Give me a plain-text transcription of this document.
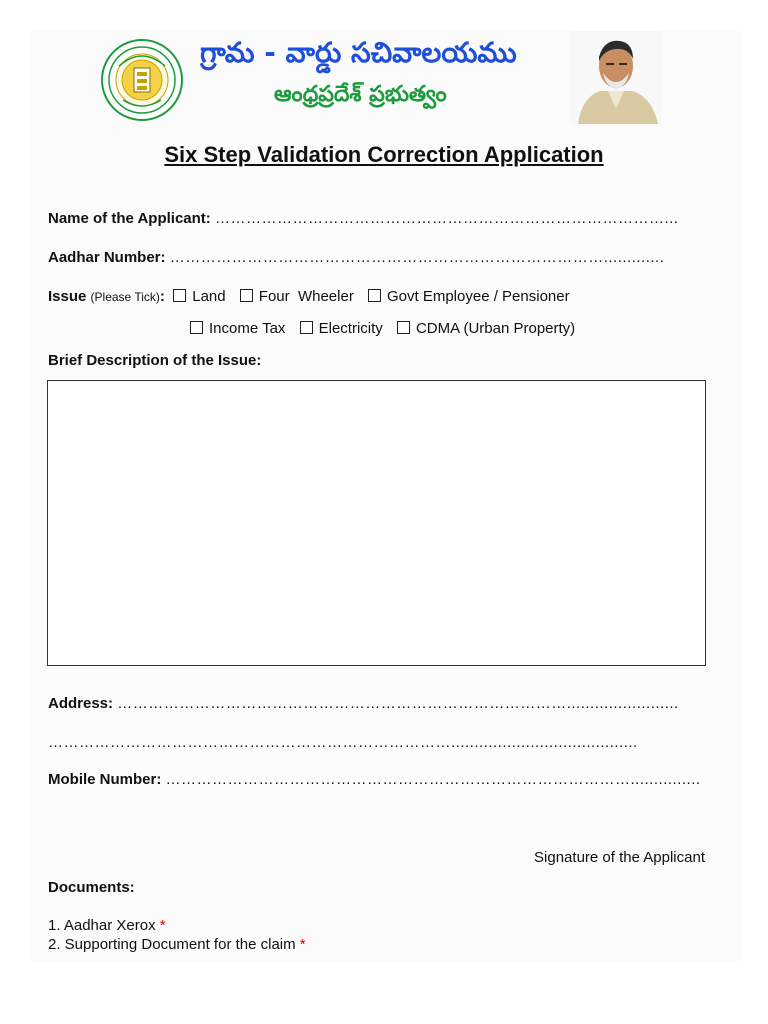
గ్రామ - వార్డు సచివాలయము
ఆంధ్రప్రదేశ్ ప్రభుత్వం
Six Step Validation Correction Application
Name of the Applicant: ……………………………………………………………………………...
Aadhar Number: ………………………………………………………………………….............
Issue (Please Tick): Land Four  Wheeler Govt Employee / Pensioner
Income Tax Electricity CDMA (Urban Property)
Brief Description of the Issue:
Address: ……………………………………………………………………………........................
……………………………………………………………………........................................
Mobile Number: ………………………………………………………………………………...............
Signature of the Applicant
Documents:
1. Aadhar Xerox *
2. Supporting Document for the claim *
